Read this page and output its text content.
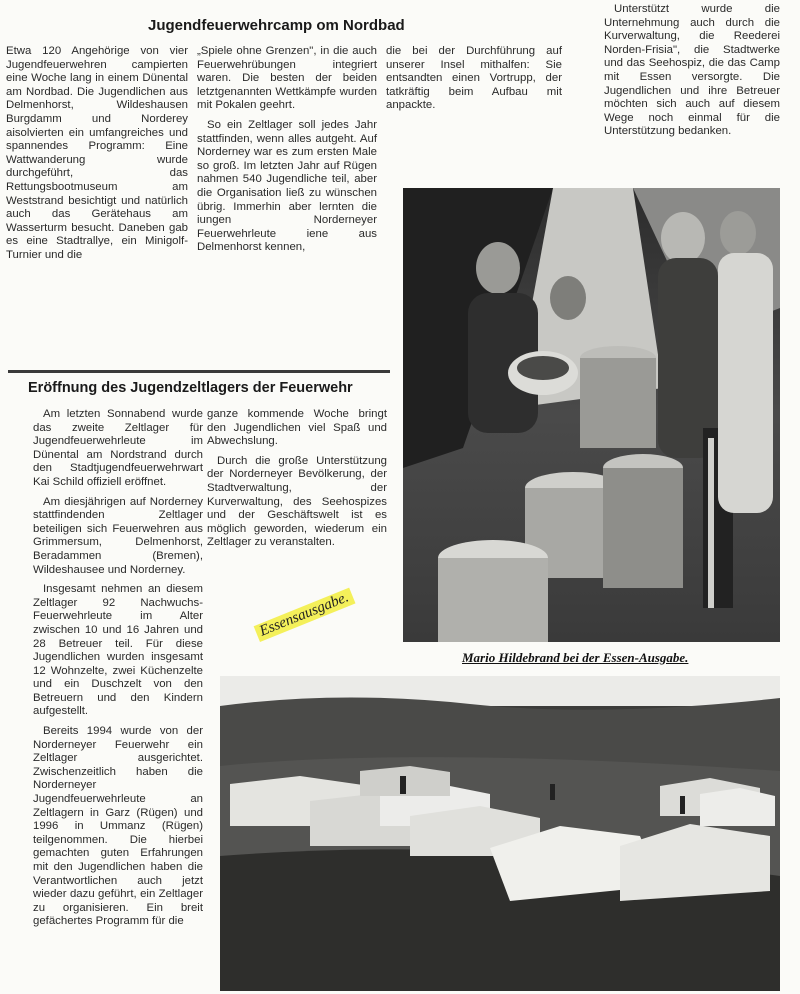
Jugendfeuerwehrcamp om Nordbad

Etwa 120 Angehörige von vier Jugendfeuerwehren campierten eine Woche lang in einem Dünental am Nordbad. Die Jugendlichen aus Delmenhorst, Wildeshausen Burgdamm und Norderey aisolvierten ein umfangreiches und spannendes Programm: Eine Wattwanderung wurde durchgeführt, das Rettungsbootmuseum am Weststrand besichtigt und natürlich auch das Gerätehaus am Wasserturm besucht. Daneben gab es eine Stadtrallye, ein Minigolf-Turnier und die

„Spiele ohne Grenzen", in die auch Feuerwehrübungen integriert waren. Die besten der beiden letztgenannten Wettkämpfe wurden mit Pokalen geehrt.

So ein Zeltlager soll jedes Jahr stattfinden, wenn alles autgeht. Auf Norderney war es zum ersten Male so groß. Im letzten Jahr auf Rügen nahmen 540 Jugendliche teil, aber die Organisation ließ zu wünschen übrig. Immerhin aber lernten die iungen Norderneyer Feuerwehrleute iene aus Delmenhorst kennen,

die bei der Durchführung auf unserer Insel mithalfen: Sie entsandten einen Vortrupp, der tatkräftig beim Aufbau mit anpackte.

Unterstützt wurde die Unternehmung auch durch die Kurverwaltung, die Reederei Norden-Frisia", die Stadtwerke und das Seehospiz, die das Camp mit Essen versorgte. Die Jugendlichen und ihre Betreuer möchten sich auch auf diesem Wege noch einmal für die Unterstützung bedanken.

Eröffnung des Jugendzeltlagers der Feuerwehr

Am letzten Sonnabend wurde das zweite Zeltlager für Jugendfeuerwehrleute im Dünental am Nordstrand durch den Stadtjugendfeuerwehrwart Kai Schild offiziell eröffnet.

Am diesjährigen auf Norderney stattfindenden Zeltlager beteiligen sich Feuerwehren aus Grimmersum, Delmenhorst, Beradammen (Bremen), Wildeshausee und Norderney.

Insgesamt nehmen an diesem Zeltlager 92 Nachwuchs-Feuerwehrleute im Alter zwischen 10 und 16 Jahren und 28 Betreuer teil. Für diese Jugendlichen wurden insgesamt 12 Wohnzelte, zwei Küchenzelte und ein Duschzelt von den Betreuern und den Kindern aufgestellt.

Bereits 1994 wurde von der Norderneyer Feuerwehr ein Zeltlager ausgerichtet. Zwischenzeitlich haben die Norderneyer Jugendfeuerwehrleute an Zeltlagern in Garz (Rügen) und 1996 in Ummanz (Rügen) teilgenommen. Die hierbei gemachten guten Erfahrungen mit den Jugendlichen haben die Verantwortlichen auch jetzt wieder dazu geführt, ein Zeltlager zu organisieren. Ein breit gefächertes Programm für die

ganze kommende Woche bringt den Jugendlichen viel Spaß und Abwechslung.

Durch die große Unterstützung der Norderneyer Bevölkerung, der Stadtverwaltung, der Kurverwaltung, des Seehospizes und der Geschäftswelt ist es möglich geworden, wiederum ein Zeltlager zu veranstalten.

Essensausgabe.
Mario Hildebrand bei der Essen-Ausgabe.
